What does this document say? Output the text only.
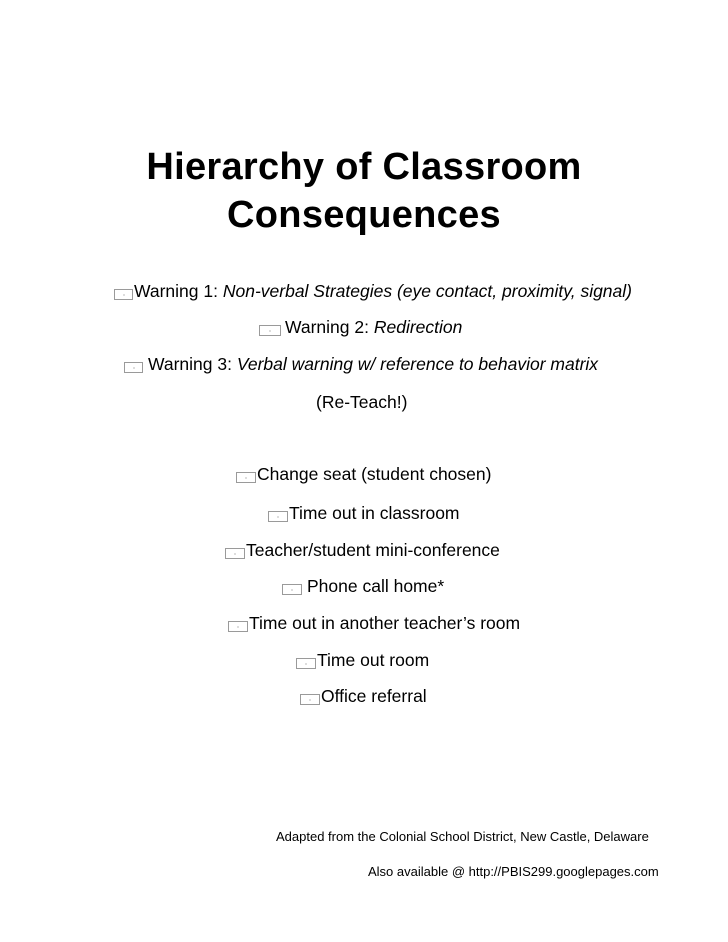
Hierarchy of Classroom
Consequences
Warning 1: Non-verbal Strategies (eye contact, proximity, signal)
Warning 2: Redirection
Warning 3: Verbal warning w/ reference to behavior matrix
(Re-Teach!)
Change seat (student chosen)
Time out in classroom
Teacher/student mini-conference
Phone call home*
Time out in another teacher’s room
Time out room
Office referral
Adapted from the Colonial School District, New Castle, Delaware
Also available @ http://PBIS299.googlepages.com
